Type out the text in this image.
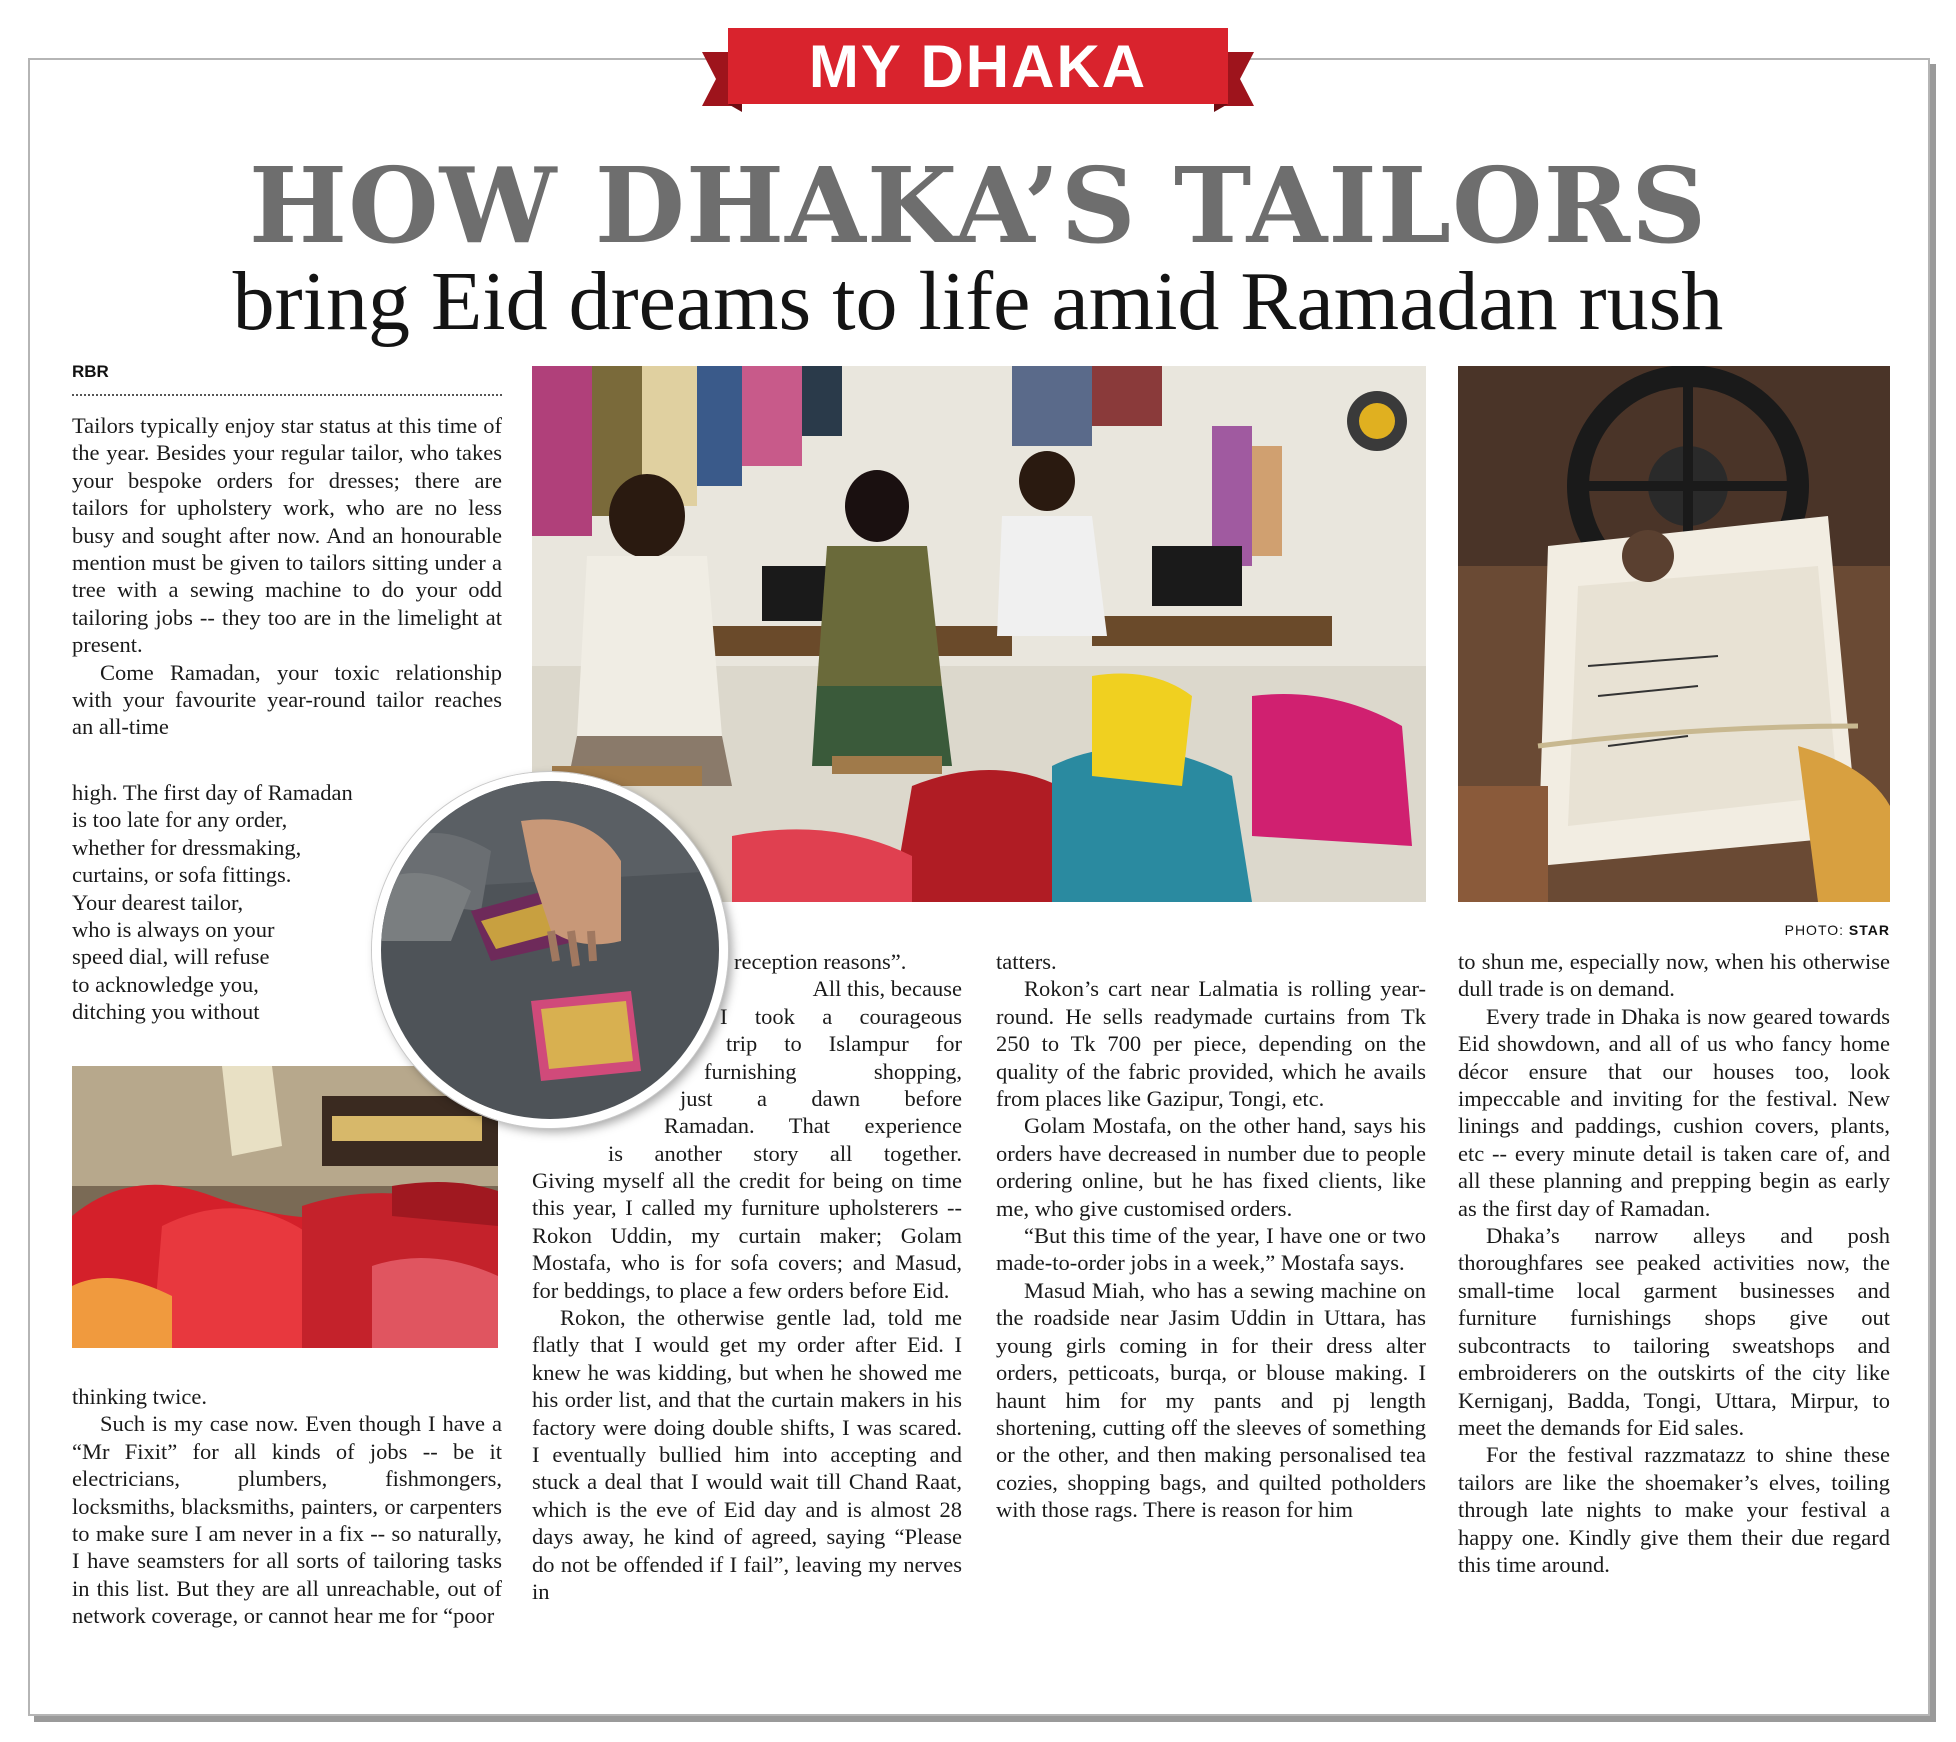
MY DHAKA
HOW DHAKA’S TAILORS
bring Eid dreams to life amid Ramadan rush
RBR

Tailors typically enjoy star status at this time of the year. Besides your regular tailor, who takes your bespoke orders for dresses; there are tailors for upholstery work, who are no less busy and sought after now. And an honourable mention must be given to tailors sitting under a tree with a sewing machine to do your odd tailoring jobs -- they too are in the limelight at present.

Come Ramadan, your toxic relationship with your favourite year-round tailor reaches an all-time

high. The first day of Ramadan
is too late for any order,
whether for dressmaking,
curtains, or sofa fittings.
Your dearest tailor,
who is always on your
speed dial, will refuse
to acknowledge you,
ditching you without

thinking twice.

Such is my case now. Even though I have a “Mr Fixit” for all kinds of jobs -- be it electricians, plumbers, fishmongers, locksmiths, blacksmiths, painters, or carpenters to make sure I am never in a fix -- so naturally, I have seamsters for all sorts of tailoring tasks in this list. But they are all unreachable, out of network coverage, or cannot hear me for “poor

PHOTO: STAR
reception reasons”.
All this, because
I took a courageous
trip to Islampur for
furnishing shopping,
just a dawn before
Ramadan. That experience
is another story all together.

Giving myself all the credit for being on time this year, I called my furniture upholsterers -- Rokon Uddin, my curtain maker; Golam Mostafa, who is for sofa covers; and Masud, for beddings, to place a few orders before Eid.

Rokon, the otherwise gentle lad, told me flatly that I would get my order after Eid. I knew he was kidding, but when he showed me his order list, and that the curtain makers in his factory were doing double shifts, I was scared. I eventually bullied him into accepting and stuck a deal that I would wait till Chand Raat, which is the eve of Eid day and is almost 28 days away, he kind of agreed, saying “Please do not be offended if I fail”, leaving my nerves in

tatters.

Rokon’s cart near Lalmatia is rolling year-round. He sells readymade curtains from Tk 250 to Tk 700 per piece, depending on the quality of the fabric provided, which he avails from places like Gazipur, Tongi, etc.

Golam Mostafa, on the other hand, says his orders have decreased in number due to people ordering online, but he has fixed clients, like me, who give customised orders.

“But this time of the year, I have one or two made-to-order jobs in a week,” Mostafa says.

Masud Miah, who has a sewing machine on the roadside near Jasim Uddin in Uttara, has young girls coming in for their dress alter orders, petticoats, burqa, or blouse making. I haunt him for my pants and pj length shortening, cutting off the sleeves of something or the other, and then making personalised tea cozies, shopping bags, and quilted potholders with those rags. There is reason for him

to shun me, especially now, when his otherwise dull trade is on demand.

Every trade in Dhaka is now geared towards Eid showdown, and all of us who fancy home décor ensure that our houses too, look impeccable and inviting for the festival. New linings and paddings, cushion covers, plants, etc -- every minute detail is taken care of, and all these planning and prepping begin as early as the first day of Ramadan.

Dhaka’s narrow alleys and posh thoroughfares see peaked activities now, the small-time local garment businesses and furniture furnishings shops give out subcontracts to tailoring sweatshops and embroiderers on the outskirts of the city like Kerniganj, Badda, Tongi, Uttara, Mirpur, to meet the demands for Eid sales.

For the festival razzmatazz to shine these tailors are like the shoemaker’s elves, toiling through late nights to make your festival a happy one. Kindly give them their due regard this time around.
